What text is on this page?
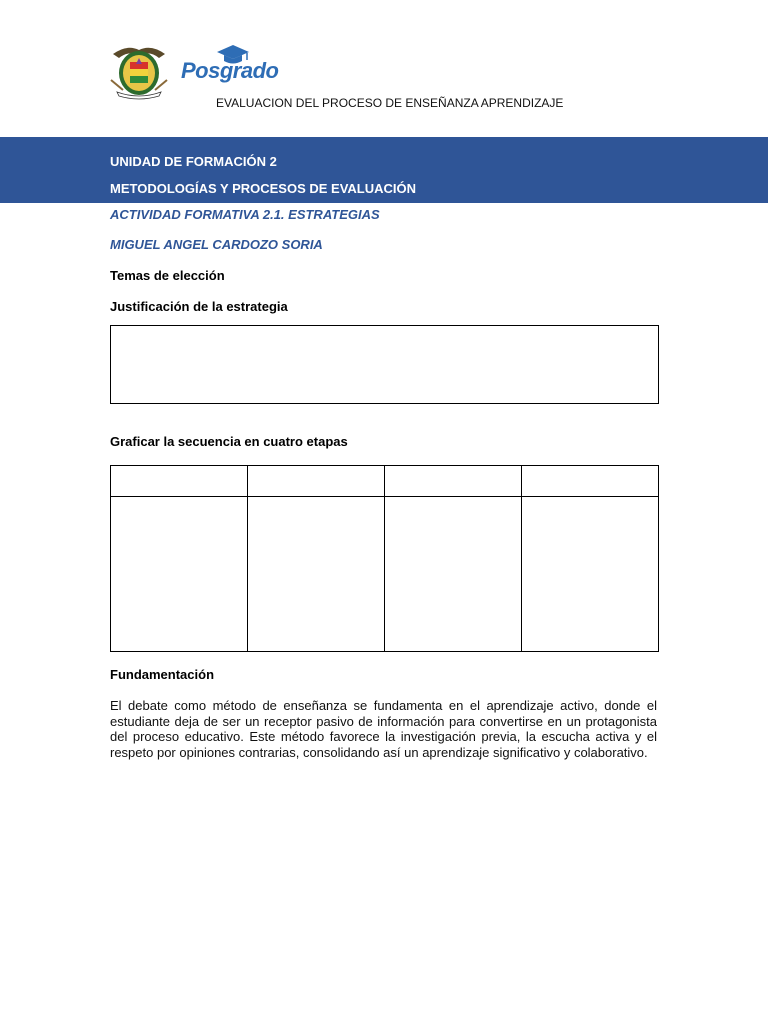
Posgrado
EVALUACION DEL PROCESO DE ENSEÑANZA APRENDIZAJE
UNIDAD DE FORMACIÓN 2
METODOLOGÍAS Y PROCESOS DE EVALUACIÓN
ACTIVIDAD FORMATIVA 2.1. ESTRATEGIAS
MIGUEL ANGEL CARDOZO SORIA
Temas de elección
Justificación de la estrategia
Graficar la secuencia en cuatro etapas

Fundamentación
El debate como método de enseñanza se fundamenta en el aprendizaje activo, donde el estudiante deja de ser un receptor pasivo de información para convertirse en un protagonista del proceso educativo. Este método favorece la investigación previa, la escucha activa y el respeto por opiniones contrarias, consolidando así un aprendizaje significativo y colaborativo.
